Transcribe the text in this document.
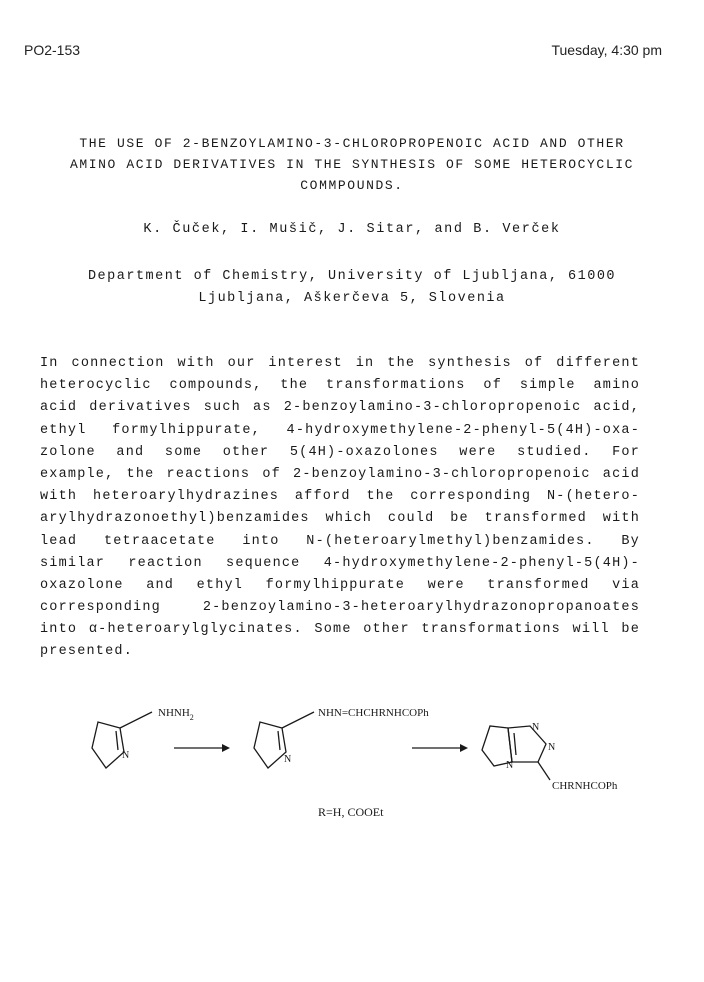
PO2-153	Tuesday, 4:30 pm
THE USE OF 2-BENZOYLAMINO-3-CHLOROPROPENOIC ACID AND OTHER
AMINO ACID DERIVATIVES IN THE SYNTHESIS OF SOME HETEROCYCLIC
COMMPOUNDS.
K. Čuček, I. Mušič, J. Sitar, and B. Verček
Department of Chemistry, University of Ljubljana, 61000
Ljubljana, Aškerčeva 5, Slovenia
In connection with our interest in the synthesis of different
heterocyclic compounds, the transformations of simple amino
acid derivatives such as 2-benzoylamino-3-chloropropenoic acid,
ethyl formylhippurate, 4-hydroxymethylene-2-phenyl-5(4H)-oxa-
zolone and some other 5(4H)-oxazolones were studied. For
example, the reactions of 2-benzoylamino-3-chloropropenoic acid
with heteroarylhydrazines afford the corresponding N-(hetero-
arylhydrazonoethyl)benzamides which could be transformed with
lead tetraacetate into N-(heteroarylmethyl)benzamides. By
similar reaction sequence 4-hydroxymethylene-2-phenyl-5(4H)-
oxazolone and ethyl formylhippurate were transformed via
corresponding 2-benzoylamino-3-heteroarylhydrazonopropanoates
into α-heteroarylglycinates. Some other transformations will be
presented.
$NHNH_2$
N
NHN=CHCHRNHCOPh
N
N
N
N
CHRNHCOPh
R=H, COOEt
